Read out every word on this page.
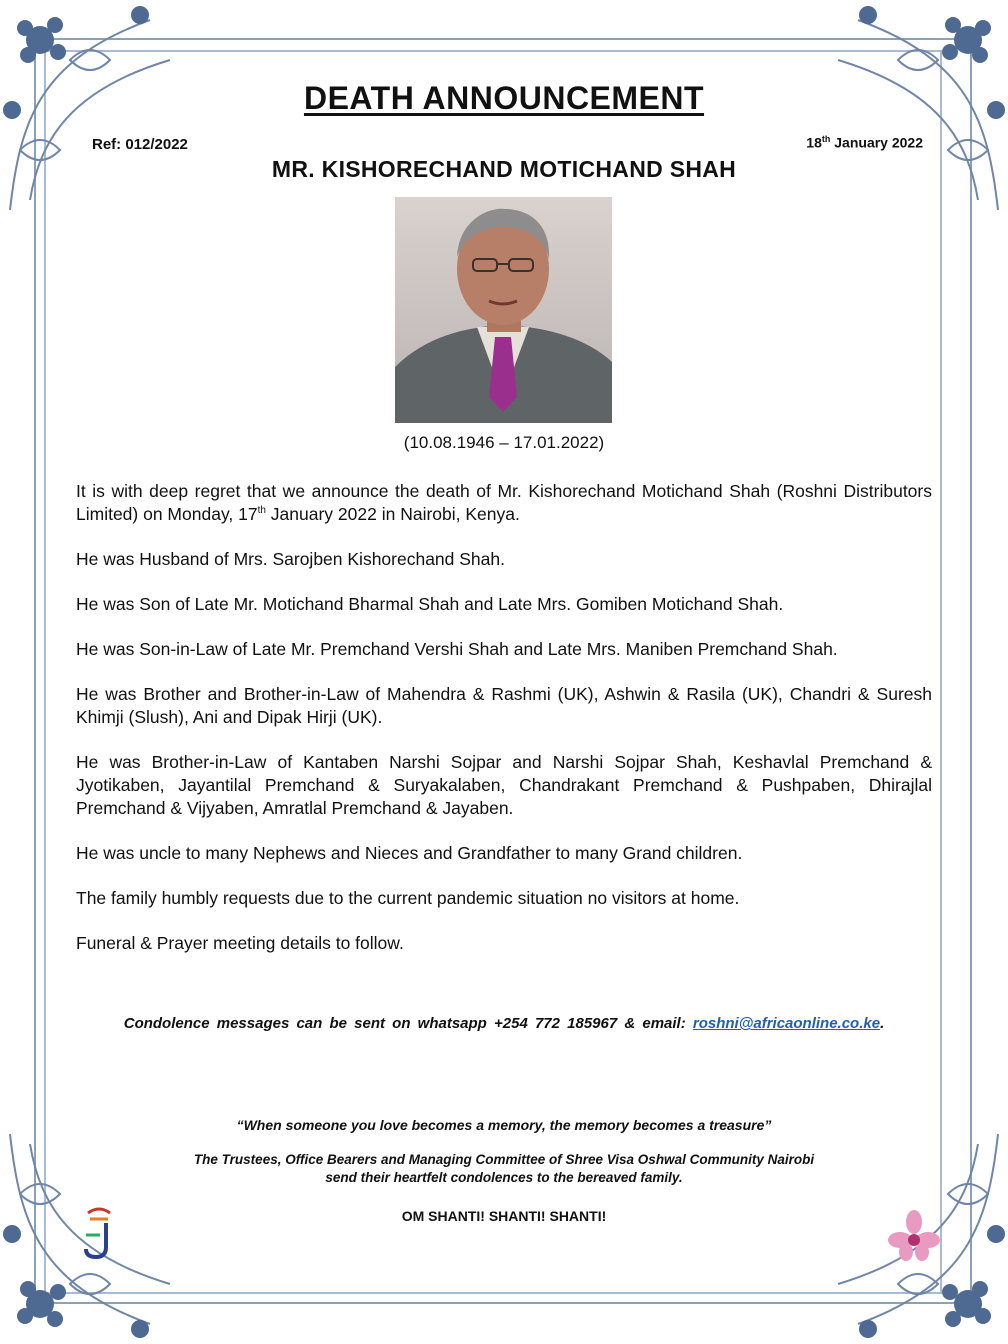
DEATH ANNOUNCEMENT
Ref: 012/2022	18th January 2022
MR. KISHORECHAND MOTICHAND SHAH
(10.08.1946 – 17.01.2022)

It is with deep regret that we announce the death of Mr. Kishorechand Motichand Shah (Roshni Distributors Limited) on Monday, 17th January 2022 in Nairobi, Kenya.

He was Husband of Mrs. Sarojben Kishorechand Shah.

He was Son of Late Mr. Motichand Bharmal Shah and Late Mrs. Gomiben Motichand Shah.

He was Son-in-Law of Late Mr. Premchand Vershi Shah and Late Mrs. Maniben Premchand Shah.

He was Brother and Brother-in-Law of Mahendra & Rashmi (UK), Ashwin & Rasila (UK), Chandri & Suresh Khimji (Slush), Ani and Dipak Hirji (UK).

He was Brother-in-Law of Kantaben Narshi Sojpar and Narshi Sojpar Shah, Keshavlal Premchand & Jyotikaben, Jayantilal Premchand & Suryakalaben, Chandrakant Premchand & Pushpaben, Dhirajlal Premchand & Vijyaben, Amratlal Premchand & Jayaben.

He was uncle to many Nephews and Nieces and Grandfather to many Grand children.

The family humbly requests due to the current pandemic situation no visitors at home.

Funeral & Prayer meeting details to follow.

Condolence messages can be sent on whatsapp +254 772 185967 & email: roshni@africaonline.co.ke.
“When someone you love becomes a memory, the memory becomes a treasure”
The Trustees, Office Bearers and Managing Committee of Shree Visa Oshwal Community Nairobi
send their heartfelt condolences to the bereaved family.
OM SHANTI! SHANTI! SHANTI!
